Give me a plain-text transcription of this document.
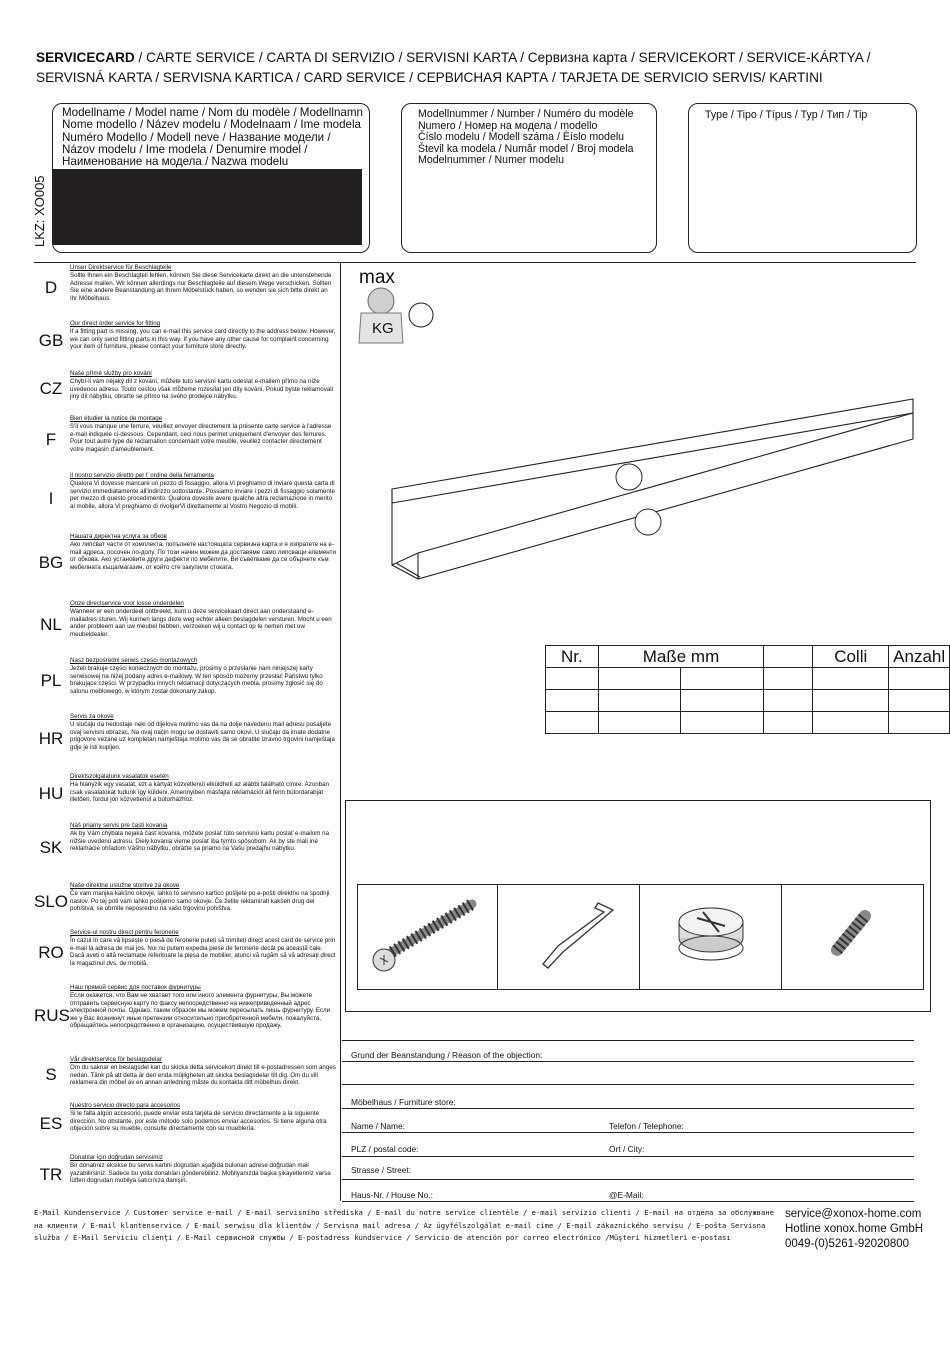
SERVICECARD / CARTE SERVICE / CARTA DI SERVIZIO / SERVISNI KARTA / Сервизна карта / SERVICEKORT / SERVICE-KÁRTYA /
SERVISNÁ KARTA / SERVISNA KARTICA / CARD SERVICE / СЕРВИСНАЯ КАРТА / TARJETA DE SERVICIO SERVIS/ KARTINI
Modellname / Model name / Nom du modèle / Modellnamn
Nome modello / Název modelu / Modelnaam / Ime modela
Numéro Modello / Modell neve / Название модели /
Názov modelu / Ime modela / Denumire model /
Наименование на модела / Nazwa modelu
LKZ: XO005
Modellnummer / Number / Numéro du modèle
Numero / Номер на модела / modello
Číslo modelu / Modell száma / Èíslo modelu
Števil ka modela / Număr model / Broj modela
Modelnummer / Numer modelu
Type / Tipo / Típus / Typ / Тип / Tip
D
Unser Direktservice für Beschlagteile
Sollte Ihnen ein Beschlagteil fehlen, können Sie diese Servicekarte direkt an die untenstehende Adresse mailen. Wir können allerdings nur Beschlagteile auf diesem Wege verschicken. Sollten Sie eine andere Beanstandung an Ihrem Möbelstück haben, so wenden sie sich bitte direkt an Ihr Möbelhaus.
GB
Our direct order service for fitting
If a fitting part is missing, you can e-mail this service card directly to the address below. However, we can only send fitting parts in this way. If you have any other cause for complaint concerning your item of furniture, please contact your furniture store directly.
CZ
Naše přímé služby pro kování
Chybí-li vám nějaký díl z kování, můžete tuto servisní kartu odeslat e-mailem přímo na níže uvedenou adresu. Touto cestou však můžeme rozesílat jen díly kování. Pokud byste reklamovali jiný díl nábytku, obraťte se přímo na svého prodejce nábytku.
F
Bien étudier la notice de montage
S'il vous manque une ferrure, veuillez envoyer directement la présente carte service à l'adresse e-mail indiquée ci-dessous. Cependant, ceci nous permet uniquement d'envoyer des ferrures. Pour tout autre type de réclamation concernant votre meuble, veuillez contacter directement votre magasin d'ameublement.
I
Il nostro servizio diretto per l' ordine della ferramenta
Qualora Vi dovesse mancare un pezzo di fissaggio, allora Vi preghiamo di inviare questa carta di servizio immediatamente all'indirizzo sottostante. Possiamo inviare i pezzi di fissaggio solamente per mezzo di questo procedimento. Qualora doveste avere qualche altra reclamazione in merito al mobile, allora Vi preghiamo di rivolgerVi direttamente al Vostro Negozio di mobili.
BG
Нашата директна услуга за обков
Ако липсват части от комплекта, попълнете настоящата сервизна карта и я изпратете на e-mail адреса, посочен по-долу. По този начин можем да доставяме само липсващи елементи от обкова. Ако установите други дефекти по мебелите, Ви съветваме да се обърнете към мебелната къща/магазин, от който сте закупили стоката.
NL
Onze directservice voor losse onderdelen
Wanneer er een onderdeel ontbreekt, kunt u deze servicekaart direct aan onderstaand e-mailadres sturen. Wij kunnen langs deze weg echter alleen beslagdelen versturen. Mocht u een ander probleem aan uw meubel hebben, verzoeken wij u contact op te nemen met uw meubeldealer.
PL
Nasz bezpośredni serwis części montażowych
Jeżeli brakuje części koniecznych do montażu, prosimy o przesłanie nam niniejszej karty serwisowej na niżej podany adres e-mailowy. W ten sposób możemy przesłać Państwu tylko brakujące części. W przypadku innych reklamacji dotyczących mebla, prosimy zgłosić się do salonu meblowego, w którym został dokonany zakup.
HR
Servis za okove
U slučaju da nedostaje neki od dijelova molimo vas da na dolje navedenu mail adresu pošaljete ovaj servisni obrazac. Na ovaj način mogu se dostaviti samo okovi. U slučaju da imate dodatne prigovore vezane uz kompletan namještaja molimo vas da se obratite izravno trgovini namještaja gdje je isti kupljen.
HU
Direktszolgálatunk vasalatok esetén
Ha hiányzik egy vasalat, ezt a kártyát közvetlenül elküldheti az alábbi található címre. Azonban csak vasalatokat tudunk így küldeni. Amennyiben másfajta reklamációt áll fenn bútordarabját illetően, fordul jon közvetlenül a bútorházhoz.
SK
Náš priamy servis pre časti kovania
Ak by Vám chýbala nejaká časť kovania, môžete poslať túto servisnú kartu poslať e-mailom na nižšie uvedenú adresu. Diely kovania vieme poslať iba týmto spôsobom. Ak by ste mali iné reklamácie ohľadom Vášho nábytku, obráťte sa priamo na Vašu predajňu nábytku.
SLO
Naše direktne uslužne storitve za okove
Če vam manjka kakšno okovje, lahko to servisno kartico pošljete po e-pošti direktno na spodnji naslov. Po tej poti vam lahko pošljemo samo okovje. Če želite reklamirati kakšen drug del pohištva, se obrnite neposredno na vašo trgovino pohištva.
RO
Service-ul nostru direct pentru feronerie
În cazul în care vă lipsește o piesă de feronerie puteți să trimiteți direct acest card de service prin e-mail la adresa de mai jos. Noi nu putem expedia piese de feronerie decât pe această cale. Dacă aveți o altă reclamație referitoare la piesa de mobilier, atunci vă rugăm să vă adresați direct la magazinul dvs. de mobilă.
RUS
Наш прямой сервис для поставок фурнитуры
Если окажется, что Вам не хватает того или иного элемента фурнитуры, Вы можете отправить сервисную карту по факсу непосредственно на нижеприведенный адрес электронной почты. Однако, таким образом мы можем пересылать лишь фурнитуру. Если же у Вас возникнут иные претензии относительно приобретенной мебели, пожалуйста, обращайтесь непосредственно в организацию, осуществившую продажу.
S
Vår direktservice för beslagsdelar
Om du saknar en beslagsdel kan du skicka detta servicekort direkt till e-postadressen som anges nedan. Tänk på att detta är den enda möjligheten att skicka beslagsdelar till dig. Om du vill reklamera din möbel av en annan anledning måste du kontakta ditt möbelhus direkt.
ES
Nuestro servicio directo para accesorios
Si le falta algún accesorio, puede enviar esta tarjeta de servicio directamente a la siguiente dirección. No obstante, por este método solo podemos enviar accesorios. Si tiene alguna otra objeción sobre su mueble, consulte directamente con su mueblería.
TR
Donatılar için doğrudan servisimiz
Bir donatınız eksikse bu servis kartini dogrudan aşağıda bulunan adrese doğrudan mail yazabilirsiniz. Sadece bu yolla donatıları gönderebiliriz. Mobilyanızda başka şikayetleriniz varsa lütfen dogrudan mobilya satıcınıza danişin.
max
KG
Nr.	Maße mm			Colli	Anzahl

Grund der Beanstandung / Reason of the objection:
Möbelhaus / Furniture store:
Name / Name:	Telefon / Telephone:
PLZ / postal code:	Ort / City:
Strasse / Street:
Haus-Nr. / House No.:	@E-Mail:
E-Mail Kundenservice / Customer service e-mail / E-mail servisního střediska / E-mail du notre service clientèle / e-mail servizio clienti / E-mail на отдела за обслужване на клиенти / E-mail klantenservice / E-mail serwisu dla klientów / Servisna mail adresa / Az ügyfélszolgálat e-mail címe / E-mail zákaznického servisu / E-pošta Servisna služba / E-Mail Serviciu clienţi / E-Mail сервисной службы / E-postadress kundservice / Servicio de atención por correo electrónico /Müşteri hizmetleri e-postası
service@xonox-home.com
Hotline xonox.home GmbH
0049-(0)5261-92020800
